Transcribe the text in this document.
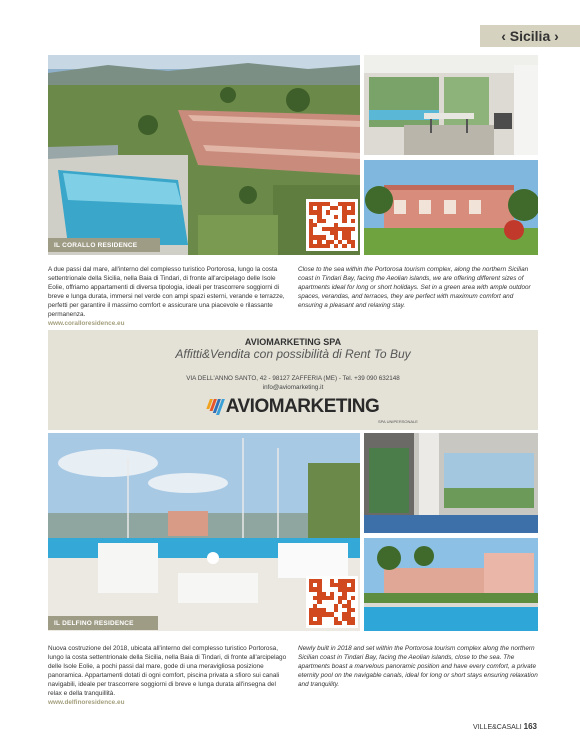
‹ Sicilia ›
IL CORALLO RESIDENCE
A due passi dal mare, all'interno del complesso turistico Portorosa, lungo la costa settentrionale della Sicilia, nella Baia di Tindari, di fronte all'arcipelago delle Isole Eolie, offriamo appartamenti di diversa tipologia, ideali per trascorrere soggiorni di breve e lunga durata, immersi nel verde con ampi spazi esterni, verande e terrazze, perfetti per garantire il massimo comfort e assicurare una piacevole e rilassante permanenza.
www.coralloresidence.eu
Close to the sea within the Portorosa tourism complex, along the northern Sicilian coast in Tindari Bay, facing the Aeolian islands, we are offering different sizes of apartments ideal for long or short holidays. Set in a green area with ample outdoor spaces, verandas, and terraces, they are perfect with maximum comfort and ensuring a pleasant and relaxing stay.
AVIOMARKETING SPA
Affitti&Vendita con possibilità di Rent To Buy
VIA DELL'ANNO SANTO, 42 - 98127 ZAFFERIA (ME) - Tel. +39 090 632148
info@aviomarketing.it
AVIOMARKETING
SPA UNIPERSONALE
IL DELFINO RESIDENCE
Nuova costruzione del 2018, ubicata all'interno del complesso turistico Portorosa, lungo la costa settentrionale della Sicilia, nella Baia di Tindari, di fronte all'arcipelago delle Isole Eolie, a pochi passi dal mare, gode di una meravigliosa posizione panoramica. Appartamenti dotati di ogni comfort, piscina privata a sfioro sui canali navigabili, ideale per trascorrere soggiorni di breve e lunga durata all'insegna del relax e della tranquillità.
www.delfinoresidence.eu
Newly built in 2018 and set within the Portorosa tourism complex along the northern Sicilian coast in Tindari Bay, facing the Aeolian islands, close to the sea. The apartments boast a marvelous panoramic position and have every comfort, a private eternity pool on the navigable canals, ideal for long or short stays ensuring relaxation and tranquility.
VILLE&CASALI 163
